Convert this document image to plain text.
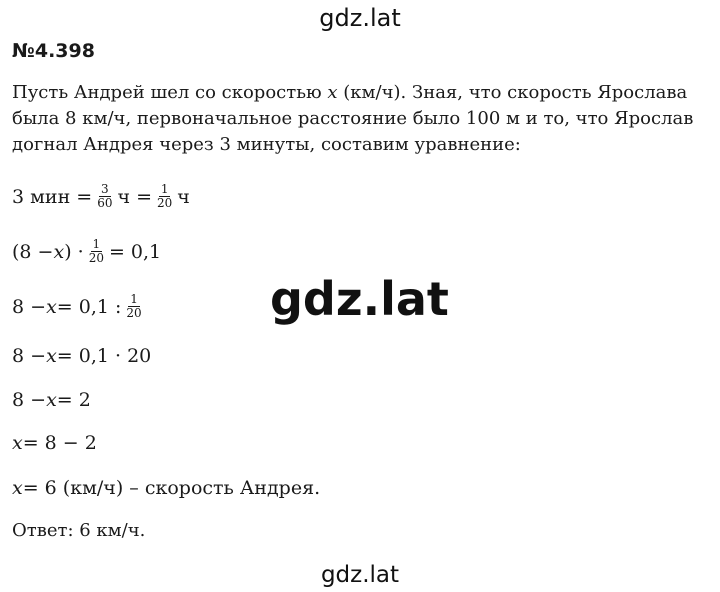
gdz.lat
№4.398
Пусть Андрей шел со скоростью x (км/ч). Зная, что скорость Ярослава была 8 км/ч, первоначальное расстояние было 100 м и то, что Ярослав догнал Андрея через 3 минуты, составим уравнение:
3 мин = $\frac{3}{60}$ $ч = \frac{1}{20}$ ч
(8 − x ) · $\frac{1}{20} = 0,1$
8 − x = 0,1 : $\frac{1}{20}$
8 − x = 0,1 · 20
8 − x = 2
x = 8 − 2
x = 6 (км/ч) – скорость Андрея.
Ответ: 6 км/ч.
gdz.lat
gdz.lat
